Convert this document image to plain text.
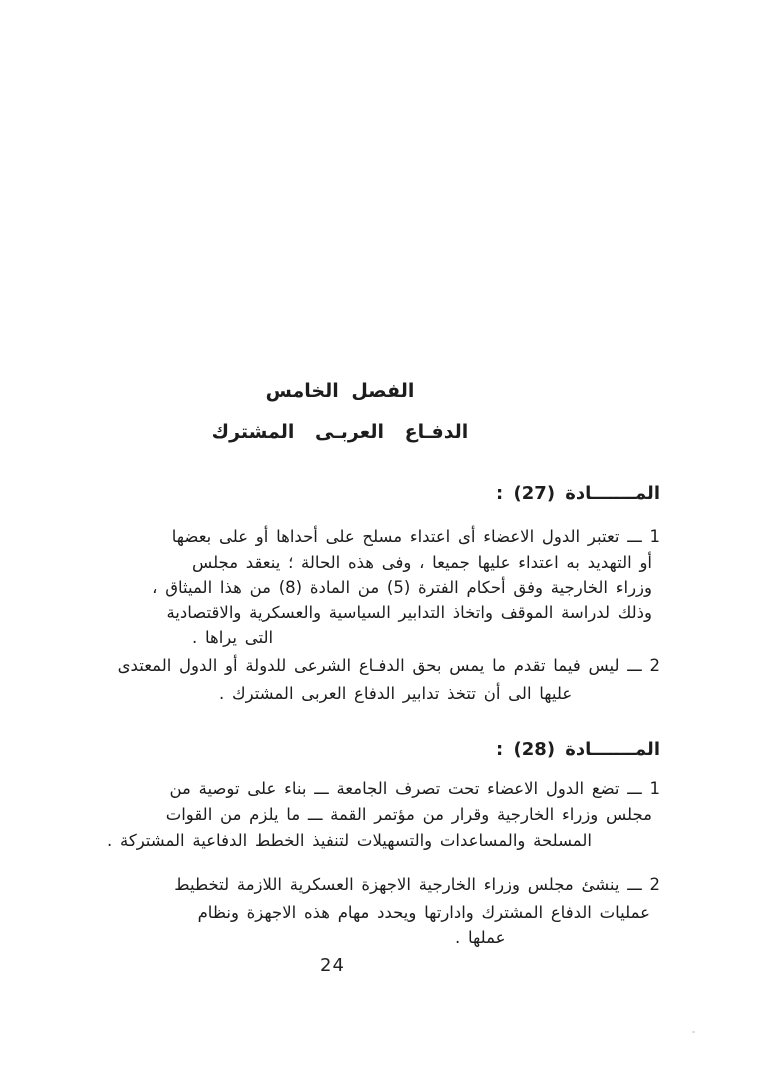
الفصل الخامس
الدفـاع العربـى المشترك
المـــــــادة (27) :
1 ـــ تعتبر الدول الاعضاء أى اعتداء مسلح على أحداها أو على بعضها
أو التهديد به اعتداء عليها جميعا ، وفى هذه الحالة ؛ ينعقد مجلس
وزراء الخارجية وفق أحكام الفترة (5) من المادة (8) من هذا الميثاق ،
وذلك لدراسة الموقف واتخاذ التدابير السياسية والعسكرية والاقتصادية
التى يراها .
2 ـــ ليس فيما تقدم ما يمس بحق الدفـاع الشرعى للدولة أو الدول المعتدى
عليها الى أن تتخذ تدابير الدفاع العربى المشترك .
المـــــــادة (28) :
1 ـــ تضع الدول الاعضاء تحت تصرف الجامعة ـــ بناء على توصية من
مجلس وزراء الخارجية وقرار من مؤتمر القمة ـــ ما يلزم من القوات
المسلحة والمساعدات والتسهيلات لتنفيذ الخطط الدفاعية المشتركة .
2 ـــ ينشئ مجلس وزراء الخارجية الاجهزة العسكرية اللازمة لتخطيط
عمليات الدفاع المشترك وادارتها ويحدد مهام هذه الاجهزة ونظام
عملها .
24
